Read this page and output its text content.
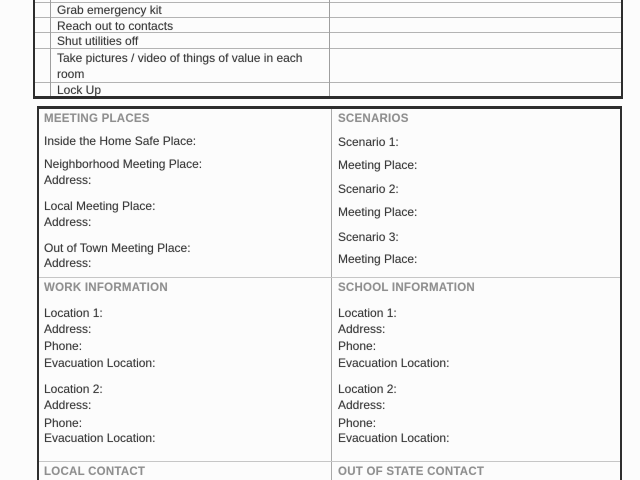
Grab emergency kit
Reach out to contacts
Shut utilities off
Take pictures / video of things of value in each room
Lock Up
MEETING PLACES
Inside the Home Safe Place:
Neighborhood Meeting Place:
Address:
Local Meeting Place:
Address:
Out of Town Meeting Place:
Address:
SCENARIOS
Scenario 1:
Meeting Place:
Scenario 2:
Meeting Place:
Scenario 3:
Meeting Place:
WORK INFORMATION
Location 1:
Address:
Phone:
Evacuation Location:
Location 2:
Address:
Phone:
Evacuation Location:
SCHOOL INFORMATION
Location 1:
Address:
Phone:
Evacuation Location:
Location 2:
Address:
Phone:
Evacuation Location:
LOCAL CONTACT	OUT OF STATE CONTACT
